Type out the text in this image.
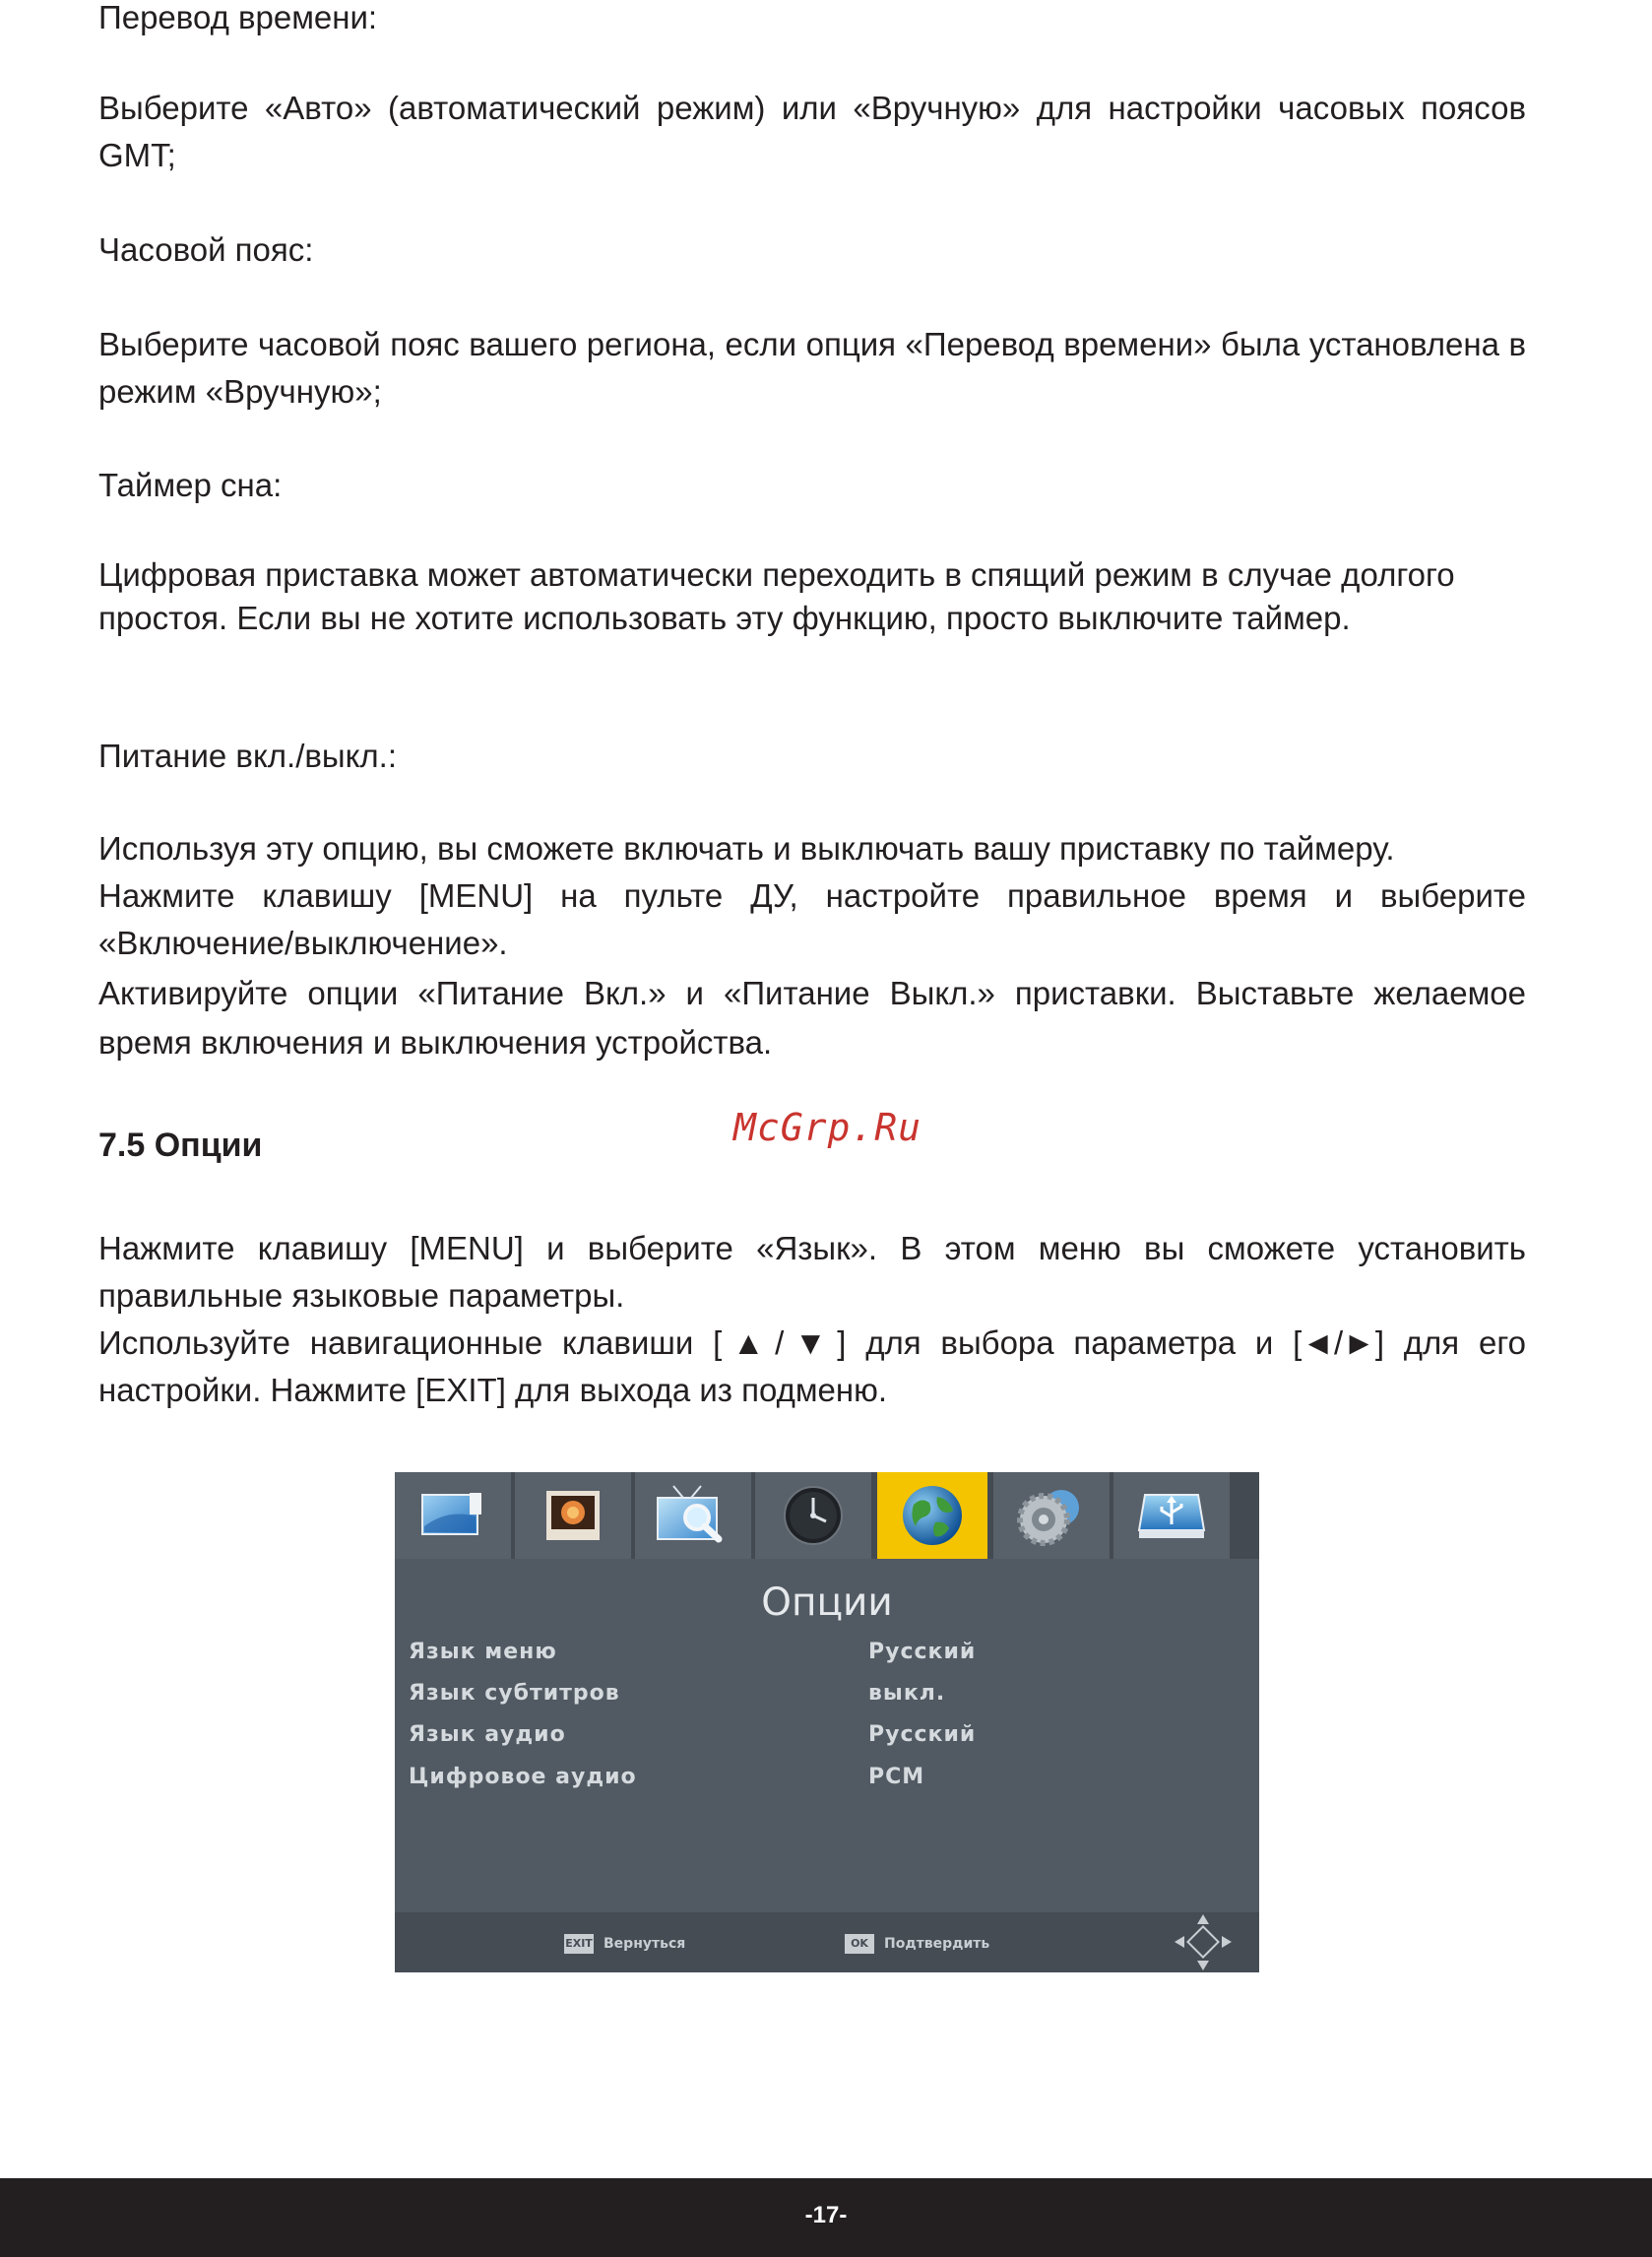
Перевод времени:

Выберите «Авто» (автоматический режим) или «Вручную» для настройки часовых поясов GMT;

Часовой пояс:

Выберите часовой пояс вашего региона, если опция «Перевод времени» была установлена в режим «Вручную»;

Таймер сна:

Цифровая приставка может автоматически переходить в спящий режим в случае долгого простоя. Если вы не хотите использовать эту функцию, просто выключите таймер.

Питание вкл./выкл.:

Используя эту опцию, вы сможете включать и выключать вашу приставку по таймеру.

Нажмите клавишу [MENU] на пульте ДУ, настройте правильное время и выберите «Включение/выключение».

Активируйте опции «Питание Вкл.» и «Питание Выкл.» приставки. Выставьте желаемое время включения и выключения устройства.

7.5 Опции

Нажмите клавишу [MENU] и выберите «Язык». В этом меню вы сможете установить правильные языковые параметры.

Используйте навигационные клавиши [▲/▼] для выбора параметра и [◄/►] для его настройки. Нажмите [EXIT] для выхода из подменю.

McGrp.Ru
Опции
Язык меню	Русский
Язык субтитров	выкл.
Язык аудио	Русский
Цифровое аудио	PCM
EXIT Вернуться	OK	Подтвердить
-17-
